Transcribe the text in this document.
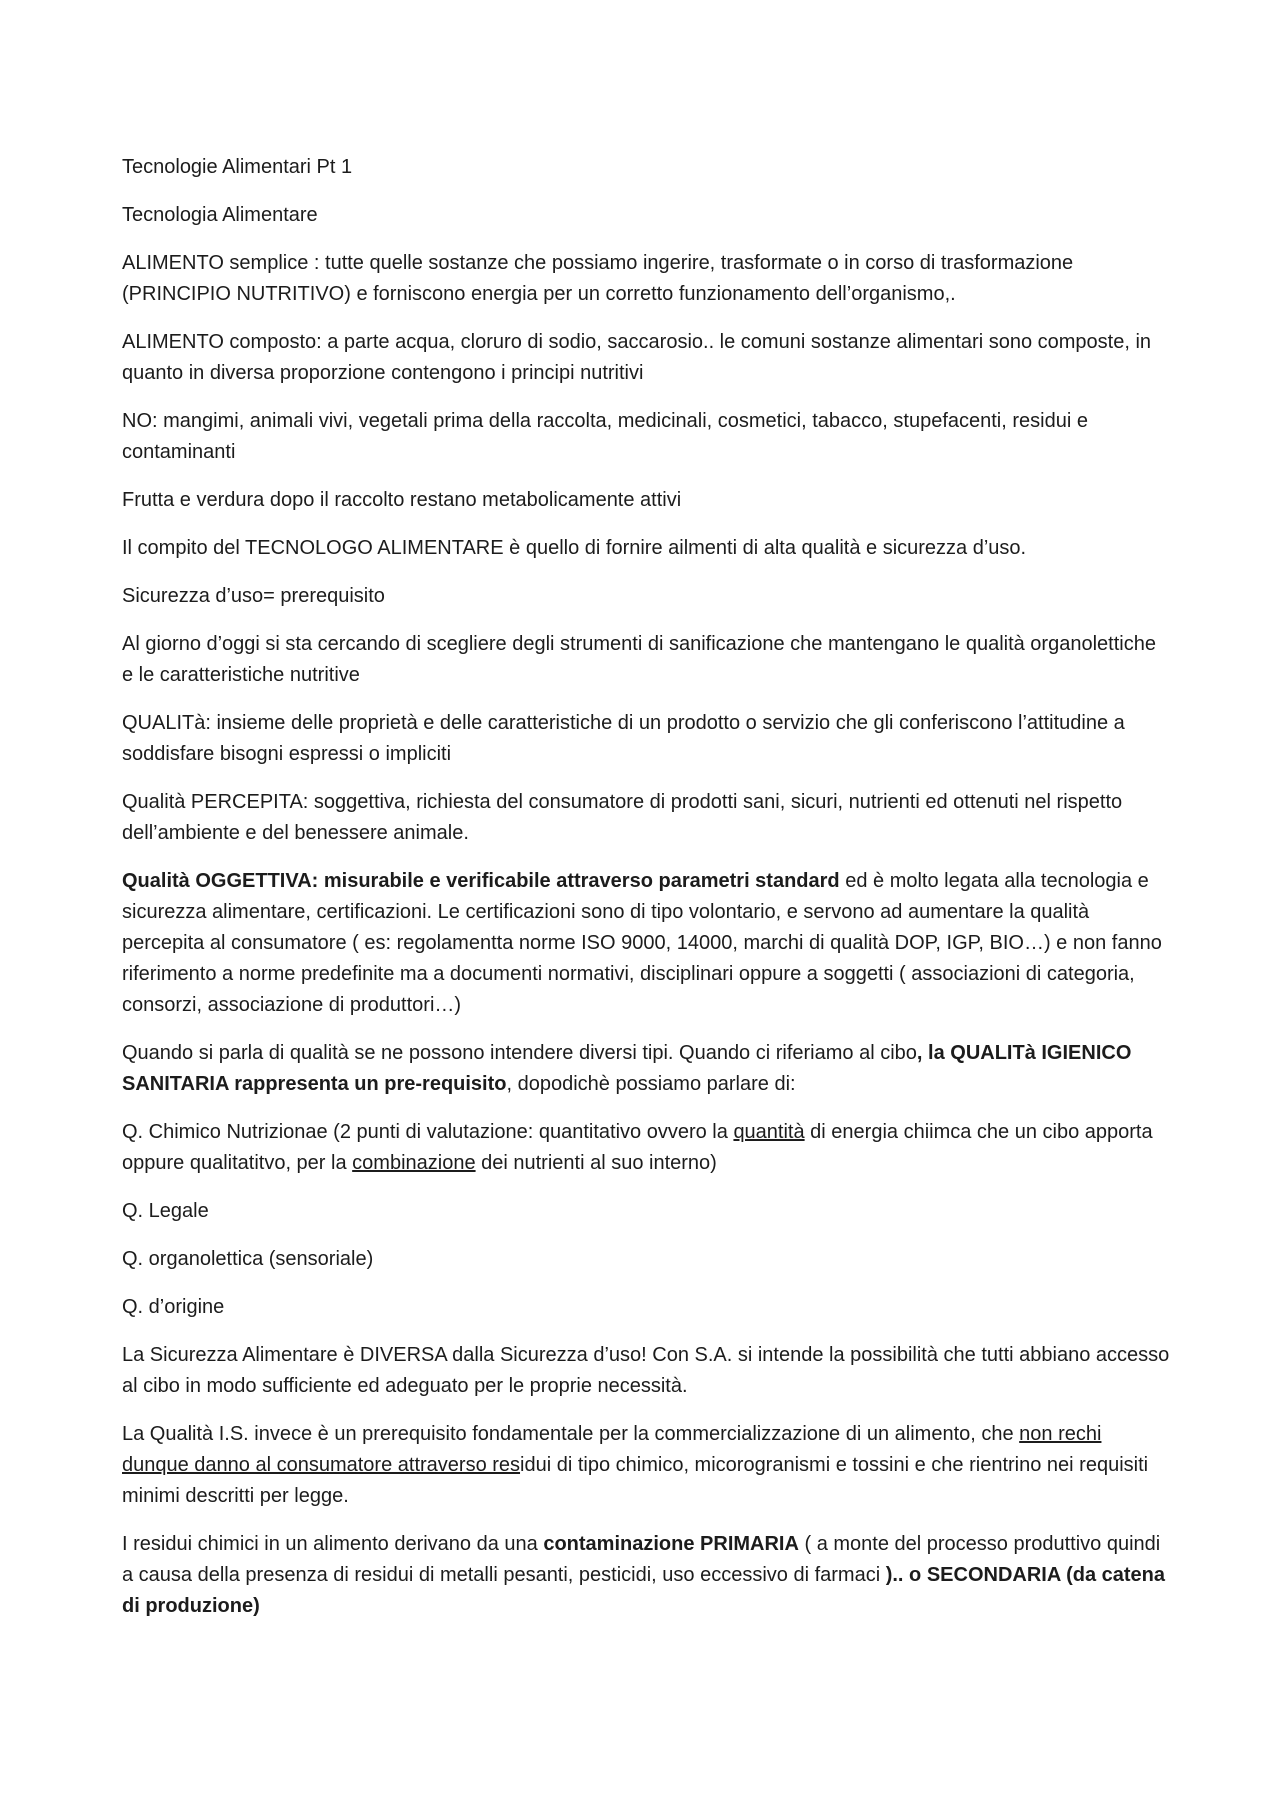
Tecnologie Alimentari Pt 1

Tecnologia Alimentare

ALIMENTO semplice : tutte quelle sostanze che possiamo ingerire, trasformate o in corso di trasformazione (PRINCIPIO NUTRITIVO) e forniscono energia per un corretto funzionamento dell’organismo,.

ALIMENTO composto: a parte acqua, cloruro di sodio, saccarosio.. le comuni sostanze alimentari sono composte, in quanto in diversa proporzione contengono i principi nutritivi

NO: mangimi, animali vivi, vegetali prima della raccolta, medicinali, cosmetici, tabacco, stupefacenti, residui e contaminanti

Frutta e verdura dopo il raccolto restano metabolicamente attivi

Il compito del TECNOLOGO ALIMENTARE è quello di fornire ailmenti di alta qualità e sicurezza d’uso.

Sicurezza d’uso= prerequisito

Al giorno d’oggi si sta cercando di scegliere degli strumenti di sanificazione che mantengano le qualità organolettiche e le caratteristiche nutritive

QUALITà: insieme delle proprietà e delle caratteristiche di un prodotto o servizio che gli conferiscono l’attitudine a soddisfare bisogni espressi o impliciti

Qualità PERCEPITA: soggettiva, richiesta del consumatore di prodotti sani, sicuri, nutrienti ed ottenuti nel rispetto dell’ambiente e del benessere animale.

Qualità OGGETTIVA: misurabile e verificabile attraverso parametri standard ed è molto legata alla tecnologia e sicurezza alimentare, certificazioni. Le certificazioni sono di tipo volontario, e servono ad aumentare la qualità percepita al consumatore ( es: regolamentta norme ISO 9000, 14000, marchi di qualità DOP, IGP, BIO…) e non fanno riferimento a norme predefinite ma a documenti normativi, disciplinari oppure a soggetti ( associazioni di categoria, consorzi, associazione di produttori…)

Quando si parla di qualità se ne possono intendere diversi tipi. Quando ci riferiamo al cibo, la QUALITà IGIENICO SANITARIA rappresenta un pre-requisito, dopodichè possiamo parlare di:

Q. Chimico Nutrizionae (2 punti di valutazione: quantitativo ovvero la quantità di energia chiimca che un cibo apporta oppure qualitatitvo, per la combinazione dei nutrienti al suo interno)

Q. Legale

Q. organolettica (sensoriale)

Q. d’origine

La Sicurezza Alimentare è DIVERSA dalla Sicurezza d’uso! Con S.A. si intende la possibilità che tutti abbiano accesso al cibo in modo sufficiente ed adeguato per le proprie necessità.

La Qualità I.S. invece è un prerequisito fondamentale per la commercializzazione di un alimento, che non rechi dunque danno al consumatore attraverso residui di tipo chimico, micorogranismi e tossini e che rientrino nei requisiti minimi descritti per legge.

I residui chimici in un alimento derivano da una contaminazione PRIMARIA ( a monte del processo produttivo quindi a causa della presenza di residui di metalli pesanti, pesticidi, uso eccessivo di farmaci ).. o SECONDARIA (da catena di produzione)
